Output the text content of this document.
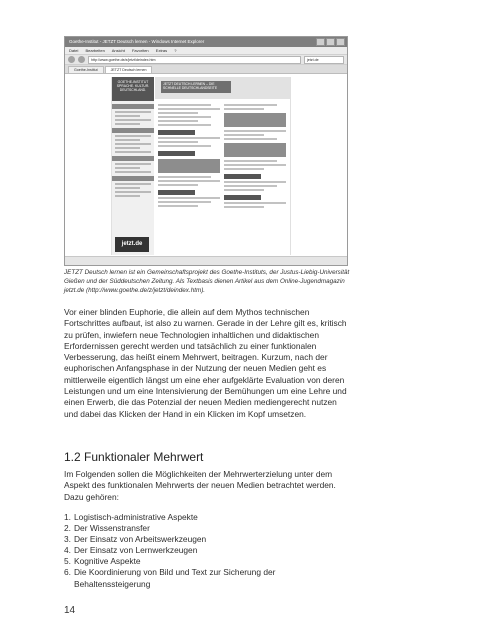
Goethe-Institut - JETZT Deutsch lernen - Windows Internet Explorer
Datei Bearbeiten Ansicht Favoriten Extras ?
http://www.goethe.de/z/jetzt/deindex.htm	jetzt.de
Goethe-Institut	JETZT Deutsch lernen
GOETHE-INSTITUT SPRACHE. KULTUR. DEUTSCHLAND.
jetzt.de
JETZT DEUTSCH LERNEN – DIE SCHNELLE DEUTSCHLANDSEITE

JETZT Deutsch lernen ist ein Gemeinschaftsprojekt des Goethe-Instituts, der Justus-Liebig-Universität Gießen und der Süddeutschen Zeitung. Als Textbasis dienen Artikel aus dem Online-Jugendmagazin jetzt.de (http://www.goethe.de/z/jetzt/deindex.htm).

Vor einer blinden Euphorie, die allein auf dem Mythos technischen Fortschrittes aufbaut, ist also zu warnen. Gerade in der Lehre gilt es, kritisch zu prüfen, inwiefern neue Technologien inhaltlichen und didaktischen Erfordernissen gerecht werden und tatsächlich zu einer funktionalen Verbesserung, das heißt einem Mehrwert, beitragen. Kurzum, nach der euphorischen Anfangsphase in der Nutzung der neuen Medien geht es mittlerweile eigentlich längst um eine eher aufgeklärte Evaluation von deren Leistungen und um eine Intensivierung der Bemühungen um eine Lehre und einen Erwerb, die das Potenzial der neuen Medien mediengerecht nutzen und dabei das Klicken der Hand in ein Klicken im Kopf umsetzen.

1.2 Funktionaler Mehrwert

Im Folgenden sollen die Möglichkeiten der Mehrwerterzielung unter dem Aspekt des funktionalen Mehrwerts der neuen Medien betrachtet werden. Dazu gehören:

1. Logistisch-administrative Aspekte
2. Der Wissenstransfer
3. Der Einsatz von Arbeitswerkzeugen
4. Der Einsatz von Lernwerkzeugen
5. Kognitive Aspekte
6. Die Koordinierung von Bild und Text zur Sicherung der Behaltenssteigerung

14
